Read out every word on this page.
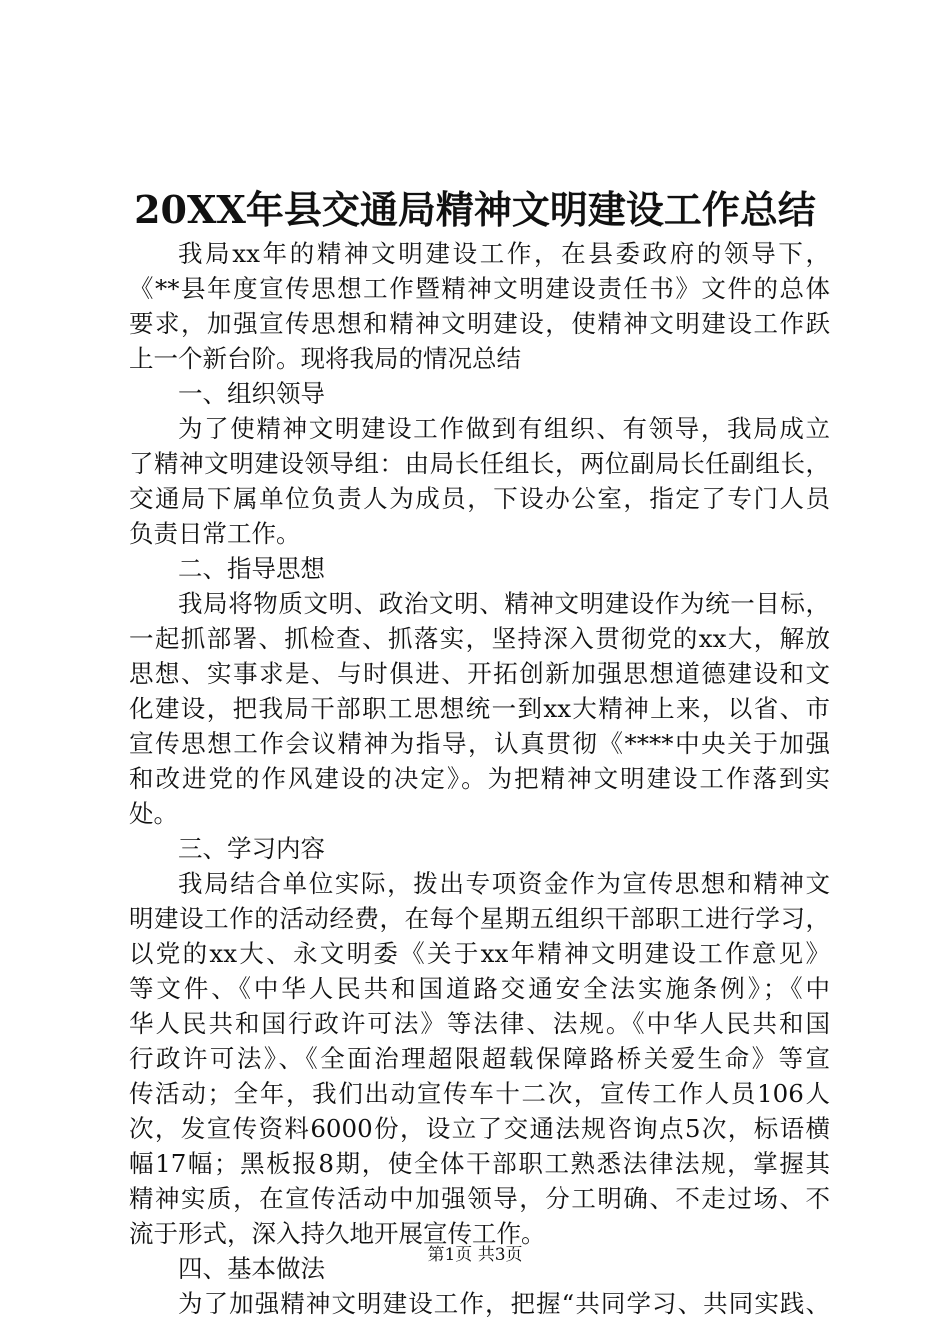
20XX年县交通局精神文明建设工作总结
我局xx年的精神文明建设工作，在县委政府的领导下，
《**县年度宣传思想工作暨精神文明建设责任书》文件的总体
要求，加强宣传思想和精神文明建设，使精神文明建设工作跃
上一个新台阶。现将我局的情况总结
一、组织领导
为了使精神文明建设工作做到有组织、有领导，我局成立
了精神文明建设领导组：由局长任组长，两位副局长任副组长，
交通局下属单位负责人为成员，下设办公室，指定了专门人员
负责日常工作。
二、指导思想
我局将物质文明、政治文明、精神文明建设作为统一目标，
一起抓部署、抓检查、抓落实，坚持深入贯彻党的xx大，解放
思想、实事求是、与时俱进、开拓创新加强思想道德建设和文
化建设，把我局干部职工思想统一到xx大精神上来，以省、市
宣传思想工作会议精神为指导，认真贯彻《****中央关于加强
和改进党的作风建设的决定》。为把精神文明建设工作落到实
处。
三、学习内容
我局结合单位实际，拨出专项资金作为宣传思想和精神文
明建设工作的活动经费，在每个星期五组织干部职工进行学习，
以党的xx大、永文明委《关于xx年精神文明建设工作意见》
等文件、《中华人民共和国道路交通安全法实施条例》；《中
华人民共和国行政许可法》等法律、法规。《中华人民共和国
行政许可法》、《全面治理超限超载保障路桥关爱生命》等宣
传活动；全年，我们出动宣传车十二次，宣传工作人员106人
次，发宣传资料6000份，设立了交通法规咨询点5次，标语横
幅17幅；黑板报8期，使全体干部职工熟悉法律法规，掌握其
精神实质，在宣传活动中加强领导，分工明确、不走过场、不
流于形式，深入持久地开展宣传工作。
四、基本做法
为了加强精神文明建设工作，把握“共同学习、共同实践、
第1页 共3页
